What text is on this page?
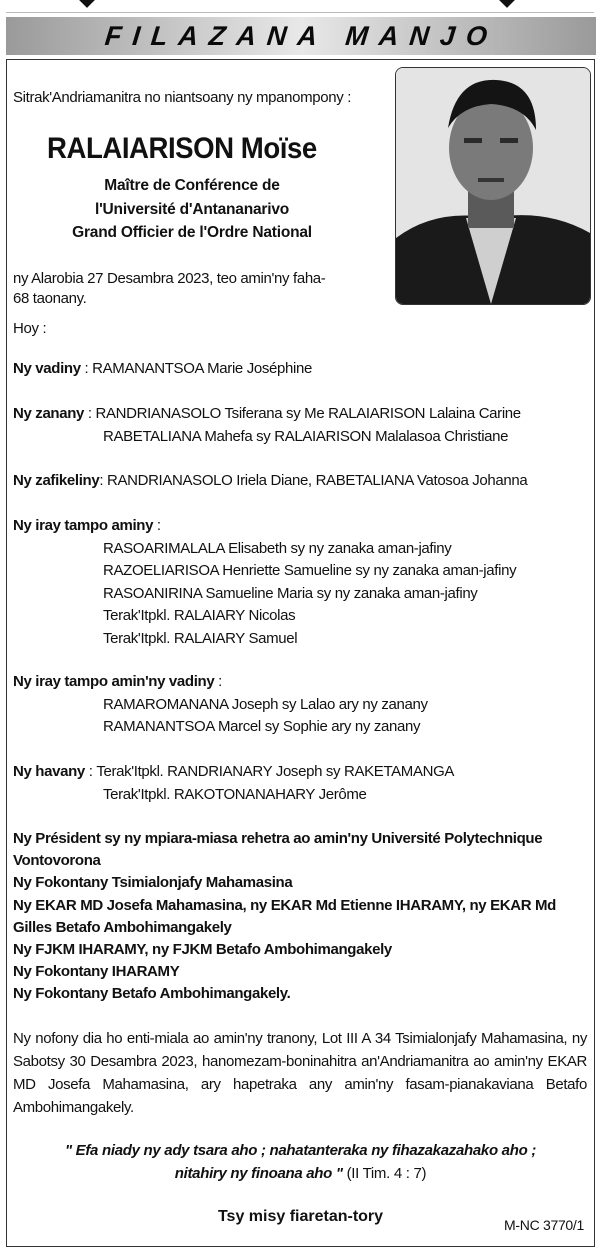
FILAZANA MANJO
Sitrak'Andriamanitra no niantsoany ny mpanompony :
RALAIARISON Moïse
Maître de Conférence de
l'Université d'Antananarivo
Grand Officier de l'Ordre National
ny Alarobia 27 Desambra 2023, teo amin'ny faha-
68 taonany.
Hoy :
Ny vadiny : RAMANANTSOA Marie Joséphine
Ny zanany : RANDRIANASOLO Tsiferana sy Me RALAIARISON Lalaina Carine
RABETALIANA Mahefa sy RALAIARISON Malalasoa Christiane
Ny zafikeliny: RANDRIANASOLO Iriela Diane, RABETALIANA Vatosoa Johanna
Ny iray tampo aminy :
RASOARIMALALA Elisabeth sy ny zanaka aman-jafiny
RAZOELIARISOA Henriette Samueline sy ny zanaka aman-jafiny
RASOANIRINA Samueline Maria sy ny zanaka aman-jafiny
Terak'Itpkl. RALAIARY Nicolas
Terak'Itpkl. RALAIARY Samuel
Ny iray tampo amin'ny vadiny :
RAMAROMANANA Joseph sy Lalao ary ny zanany
RAMANANTSOA Marcel sy Sophie ary ny zanany
Ny havany : Terak'Itpkl. RANDRIANARY Joseph sy RAKETAMANGA
Terak'Itpkl. RAKOTONANAHARY Jerôme
Ny Président sy ny mpiara-miasa rehetra ao amin'ny Université Polytechnique
Vontovorona
Ny Fokontany Tsimialonjafy Mahamasina
Ny EKAR MD Josefa Mahamasina, ny EKAR Md Etienne IHARAMY, ny EKAR Md
Gilles Betafo Ambohimangakely
Ny FJKM IHARAMY, ny FJKM Betafo Ambohimangakely
Ny Fokontany IHARAMY
Ny Fokontany Betafo Ambohimangakely.
Ny nofony dia ho enti-miala ao amin'ny tranony, Lot III A 34 Tsimialonjafy Mahamasina, ny Sabotsy 30 Desambra 2023, hanomezam-boninahitra an'Andriamanitra ao amin'ny EKAR MD Josefa Mahamasina, ary hapetraka any amin'ny fasam-pianakaviana Betafo Ambohimangakely.
" Efa niady ny ady tsara aho ; nahatanteraka ny fihazakazahako aho ;
nitahiry ny finoana aho " (II Tim. 4 : 7)
Tsy misy fiaretan-tory	M-NC 3770/1
